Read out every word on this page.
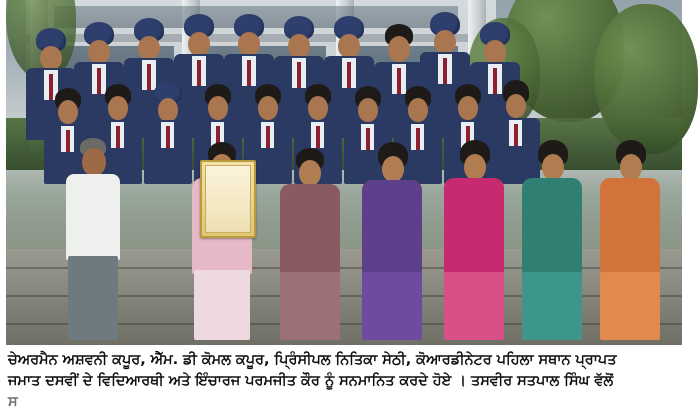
ਚੇਅਰਮੈਨ ਅਸ਼ਵਨੀ ਕਪੂਰ, ਐੱਮ. ਡੀ ਕੋਮਲ ਕਪੂਰ, ਪ੍ਰਿੰਸੀਪਲ ਨਿਤਿਕਾ ਸੇਠੀ, ਕੋਆਰਡੀਨੇਟਰ ਪਹਿਲਾ ਸਥਾਨ ਪ੍ਰਾਪਤ
ਜਮਾਤ ਦਸਵੀਂ ਦੇ ਵਿਦਿਆਰਥੀ ਅਤੇ ਇੰਚਾਰਜ ਪਰਮਜੀਤ ਕੌਰ ਨੂੰ ਸਨਮਾਨਿਤ ਕਰਦੇ ਹੋਏ । ਤਸਵੀਰ ਸਤਪਾਲ ਸਿੰਘ ਵੱਲੋਂ
ਸ
